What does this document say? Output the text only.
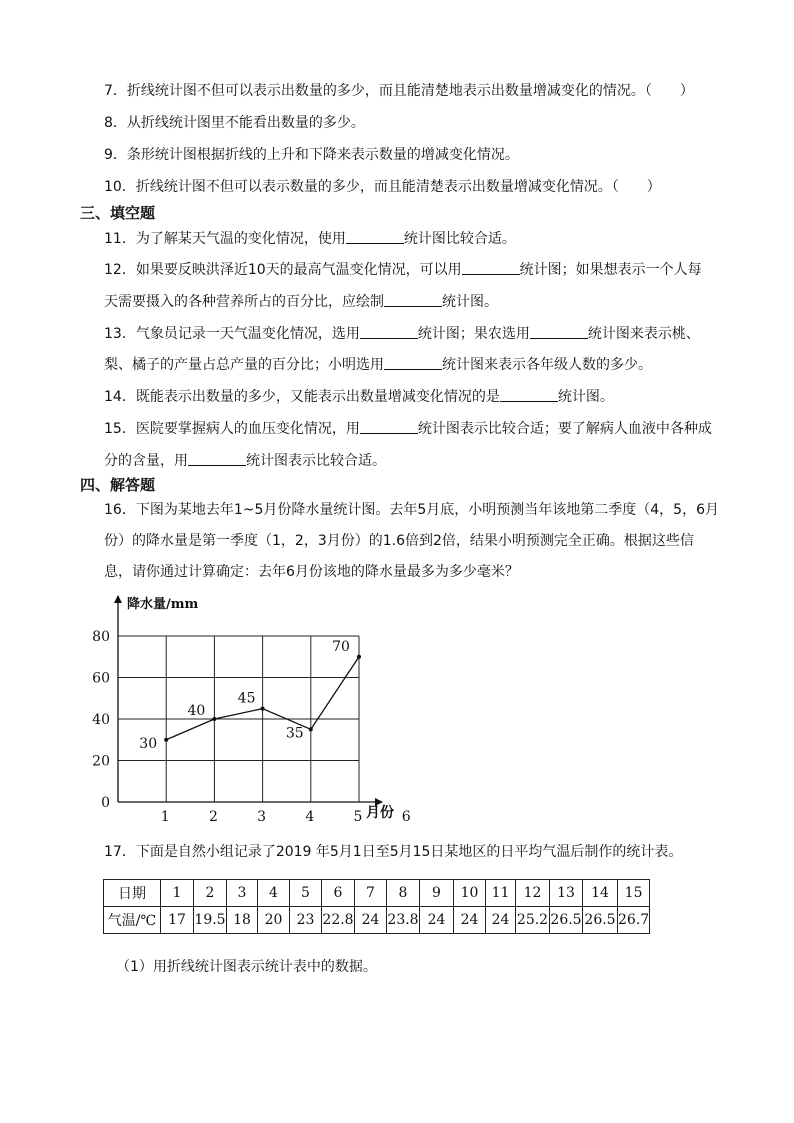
7．折线统计图不但可以表示出数量的多少，而且能清楚地表示出数量增减变化的情况。（　　）
8．从折线统计图里不能看出数量的多少。
9．条形统计图根据折线的上升和下降来表示数量的增减变化情况。
10．折线统计图不但可以表示数量的多少，而且能清楚表示出数量增减变化情况。（　　）
三、填空题
11．为了解某天气温的变化情况，使用	统计图比较合适。
12．如果要反映洪泽近10天的最高气温变化情况，可以用	统计图；如果想表示一个人每
天需要摄入的各种营养所占的百分比，应绘制	统计图。
13．气象员记录一天气温变化情况，选用	统计图；果农选用	统计图来表示桃、
梨、橘子的产量占总产量的百分比；小明选用	统计图来表示各年级人数的多少。
14．既能表示出数量的多少，又能表示出数量增减变化情况的是	统计图。
15．医院要掌握病人的血压变化情况，用	统计图表示比较合适；要了解病人血液中各种成
分的含量，用	统计图表示比较合适。
四、解答题
16．下图为某地去年1~5月份降水量统计图。去年5月底，小明预测当年该地第二季度（4，5，6月
份）的降水量是第一季度（1，2，3月份）的1.6倍到2倍，结果小明预测完全正确。根据这些信
息，请你通过计算确定：去年6月份该地的降水量最多为多少毫米？
0
20
40
60
80
1	2	3	4	5	6
30
40
45
35
70
降水量/mm
月份
17．下面是自然小组记录了2019 年5月1日至5月15日某地区的日平均气温后制作的统计表。
日期	1	2	3	4	5	6	7	8	9	10	11	12	13	14	15
气温/℃	17	19.5	18	20	23	22.8	24	23.8	24	24	24	25.2	26.5	26.5	26.7
（1）用折线统计图表示统计表中的数据。
